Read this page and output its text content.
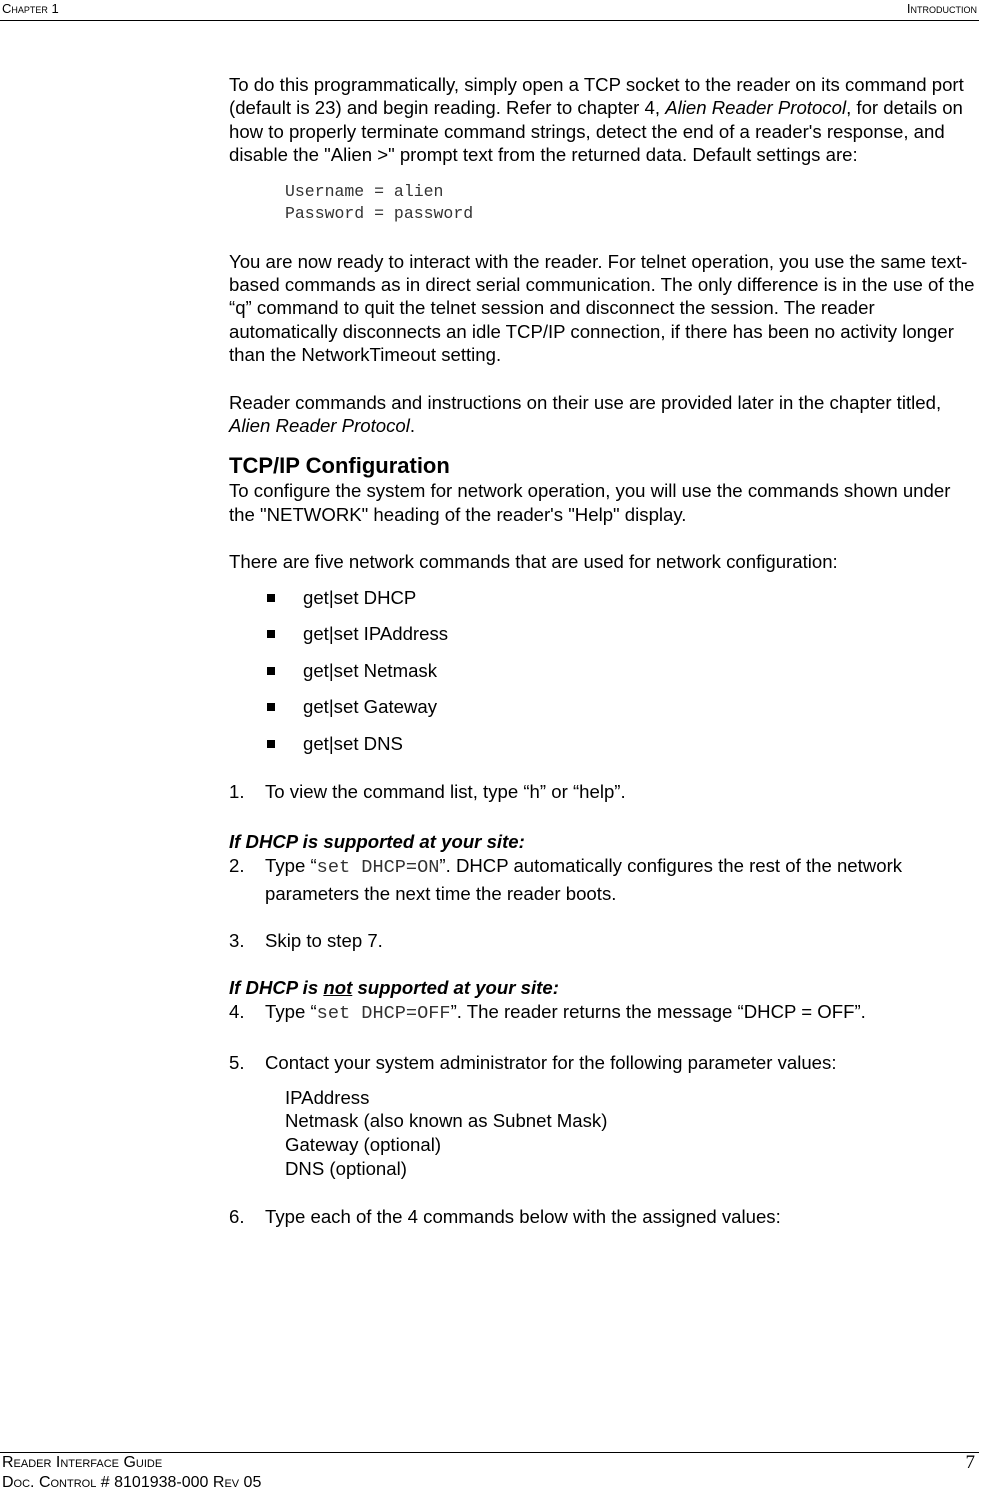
Chapter 1	Introduction

To do this programmatically, simply open a TCP socket to the reader on its command port (default is 23) and begin reading. Refer to chapter 4, Alien Reader Protocol, for details on how to properly terminate command strings, detect the end of a reader's response, and disable the "Alien >" prompt text from the returned data. Default settings are:

Username = alien
Password = password

You are now ready to interact with the reader. For telnet operation, you use the same text-based commands as in direct serial communication. The only difference is in the use of the “q” command to quit the telnet session and disconnect the session. The reader automatically disconnects an idle TCP/IP connection, if there has been no activity longer than the NetworkTimeout setting.

Reader commands and instructions on their use are provided later in the chapter titled, Alien Reader Protocol.

TCP/IP Configuration

To configure the system for network operation, you will use the commands shown under the "NETWORK" heading of the reader's "Help" display.

There are five network commands that are used for network configuration:

get|set DHCP
get|set IPAddress
get|set Netmask
get|set Gateway
get|set DNS
1. To view the command list, type “h” or “help”.

If DHCP is supported at your site:

2. Type “set DHCP=ON”. DHCP automatically configures the rest of the network parameters the next time the reader boots.
3. Skip to step 7.

If DHCP is not supported at your site:

4. Type “set DHCP=OFF”. The reader returns the message “DHCP = OFF”.
5. Contact your system administrator for the following parameter values:
IPAddress
Netmask (also known as Subnet Mask)
Gateway (optional)
DNS (optional)
6. Type each of the 4 commands below with the assigned values:
Reader Interface Guide
Doc. Control # 8101938-000 Rev 05
7
